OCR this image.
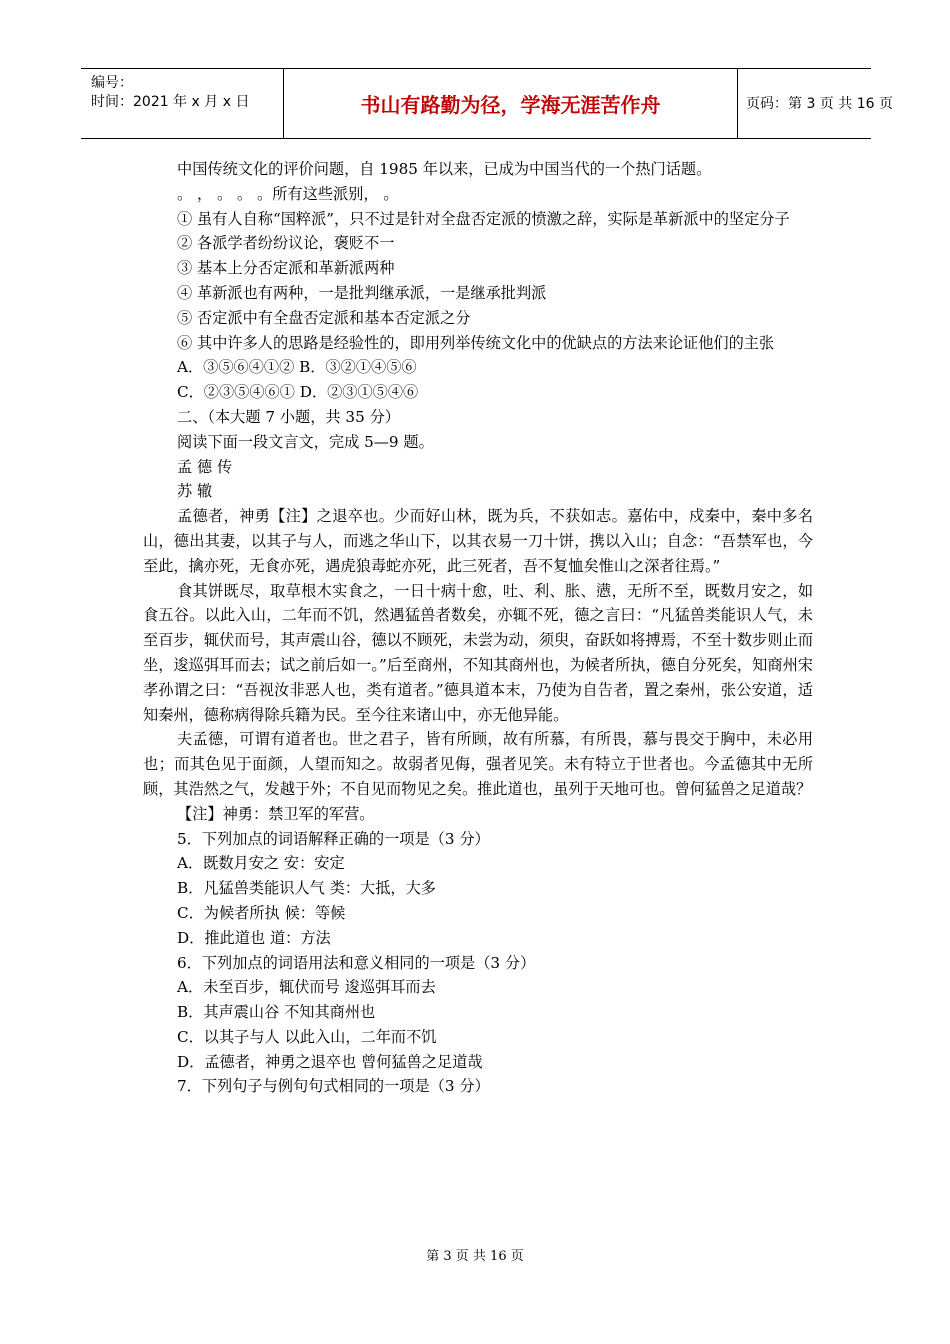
编号：
时间：2021 年 x 月 x 日	书山有路勤为径，学海无涯苦作舟	页码：第 3 页 共 16 页

中国传统文化的评价问题，自 1985 年以来，已成为中国当代的一个热门话题。

。 ， 。 。 。所有这些派别， 。

① 虽有人自称“国粹派”，只不过是针对全盘否定派的愤激之辞，实际是革新派中的坚定分子

② 各派学者纷纷议论，褒贬不一

③ 基本上分否定派和革新派两种

④ 革新派也有两种，一是批判继承派，一是继承批判派

⑤ 否定派中有全盘否定派和基本否定派之分

⑥ 其中许多人的思路是经验性的，即用列举传统文化中的优缺点的方法来论证他们的主张

A．③⑤⑥④①② B．③②①④⑤⑥

C．②③⑤④⑥① D．②③①⑤④⑥

二、（本大题 7 小题，共 35 分）

阅读下面一段文言文，完成 5—9 题。

孟 德 传

苏 辙

孟德者，神勇【注】之退卒也。少而好山林，既为兵，不获如志。嘉佑中，戍秦中，秦中多名山，德出其妻，以其子与人，而逃之华山下，以其衣易一刀十饼，携以入山；自念：“吾禁军也，今至此，擒亦死，无食亦死，遇虎狼毒蛇亦死，此三死者，吾不复恤矣惟山之深者往焉。”

食其饼既尽，取草根木实食之，一日十病十愈，吐、利、胀、懑，无所不至，既数月安之，如食五谷。以此入山，二年而不饥，然遇猛兽者数矣，亦辄不死，德之言曰：“凡猛兽类能识人气，未至百步，辄伏而号，其声震山谷，德以不顾死，未尝为动，须臾，奋跃如将搏焉，不至十数步则止而坐，逡巡弭耳而去；试之前后如一。”后至商州，不知其商州也，为候者所执，德自分死矣，知商州宋孝孙谓之曰：“吾视汝非恶人也，类有道者。”德具道本末，乃使为自告者，置之秦州，张公安道，适知秦州，德称病得除兵籍为民。至今往来诸山中，亦无他异能。

夫孟德，可谓有道者也。世之君子，皆有所顾，故有所慕，有所畏，慕与畏交于胸中，未必用也；而其色见于面颜，人望而知之。故弱者见侮，强者见笑。未有特立于世者也。今孟德其中无所顾，其浩然之气，发越于外；不自见而物见之矣。推此道也，虽列于天地可也。曾何猛兽之足道哉？

【注】神勇：禁卫军的军营。

5．下列加点的词语解释正确的一项是（3 分）

A．既数月安之 安：安定

B．凡猛兽类能识人气 类：大抵，大多

C．为候者所执 候：等候

D．推此道也 道：方法

6．下列加点的词语用法和意义相同的一项是（3 分）

A．未至百步，辄伏而号 逡巡弭耳而去

B．其声震山谷 不知其商州也

C．以其子与人 以此入山，二年而不饥

D．孟德者，神勇之退卒也 曾何猛兽之足道哉

7．下列句子与例句句式相同的一项是（3 分）

第 3 页 共 16 页
